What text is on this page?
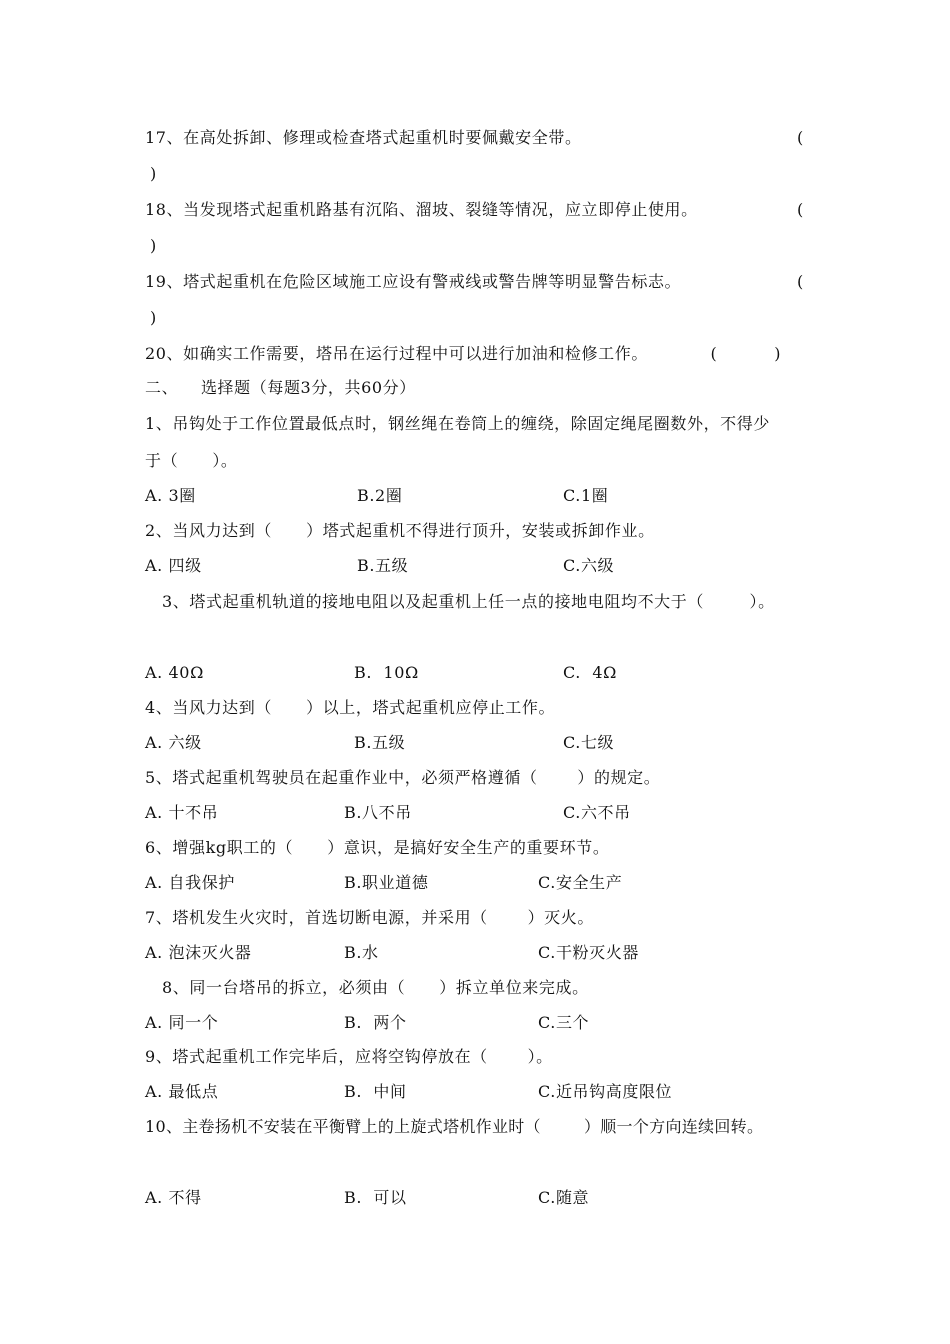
17、在高处拆卸、修理或检查塔式起重机时要佩戴安全带。	(
)
18、当发现塔式起重机路基有沉陷、溜坡、裂缝等情况，应立即停止使用。	(
)
19、塔式起重机在危险区域施工应设有警戒线或警告牌等明显警告标志。	(
)
20、如确实工作需要，塔吊在运行过程中可以进行加油和检修工作。           (          )
二、    选择题（每题3分，共60分）
1、吊钩处于工作位置最低点时，钢丝绳在卷筒上的缠绕，除固定绳尾圈数外，不得少
于（      ）。
A. 3圈	B.2圈	C.1圈
2、当风力达到（      ）塔式起重机不得进行顶升，安装或拆卸作业。
A. 四级	B.五级	C.六级
3、塔式起重机轨道的接地电阻以及起重机上任一点的接地电阻均不大于（        ）。
A. 40Ω	B.  10Ω	C.  4Ω
4、当风力达到（      ）以上，塔式起重机应停止工作。
A. 六级	B.五级	C.七级
5、塔式起重机驾驶员在起重作业中，必须严格遵循（       ）的规定。
A. 十不吊	B.八不吊	C.六不吊
6、增强kg职工的（      ）意识，是搞好安全生产的重要环节。
A. 自我保护	B.职业道德	C.安全生产
7、塔机发生火灾时，首选切断电源，并采用（       ）灭火。
A. 泡沫灭火器	B.水	C.干粉灭火器
8、同一台塔吊的拆立，必须由（      ）拆立单位来完成。
A. 同一个	B.  两个	C.三个
9、塔式起重机工作完毕后，应将空钩停放在（       ）。
A. 最低点	B.  中间	C.近吊钩高度限位
10、主卷扬机不安装在平衡臂上的上旋式塔机作业时（        ）顺一个方向连续回转。
A. 不得	B.  可以	C.随意
